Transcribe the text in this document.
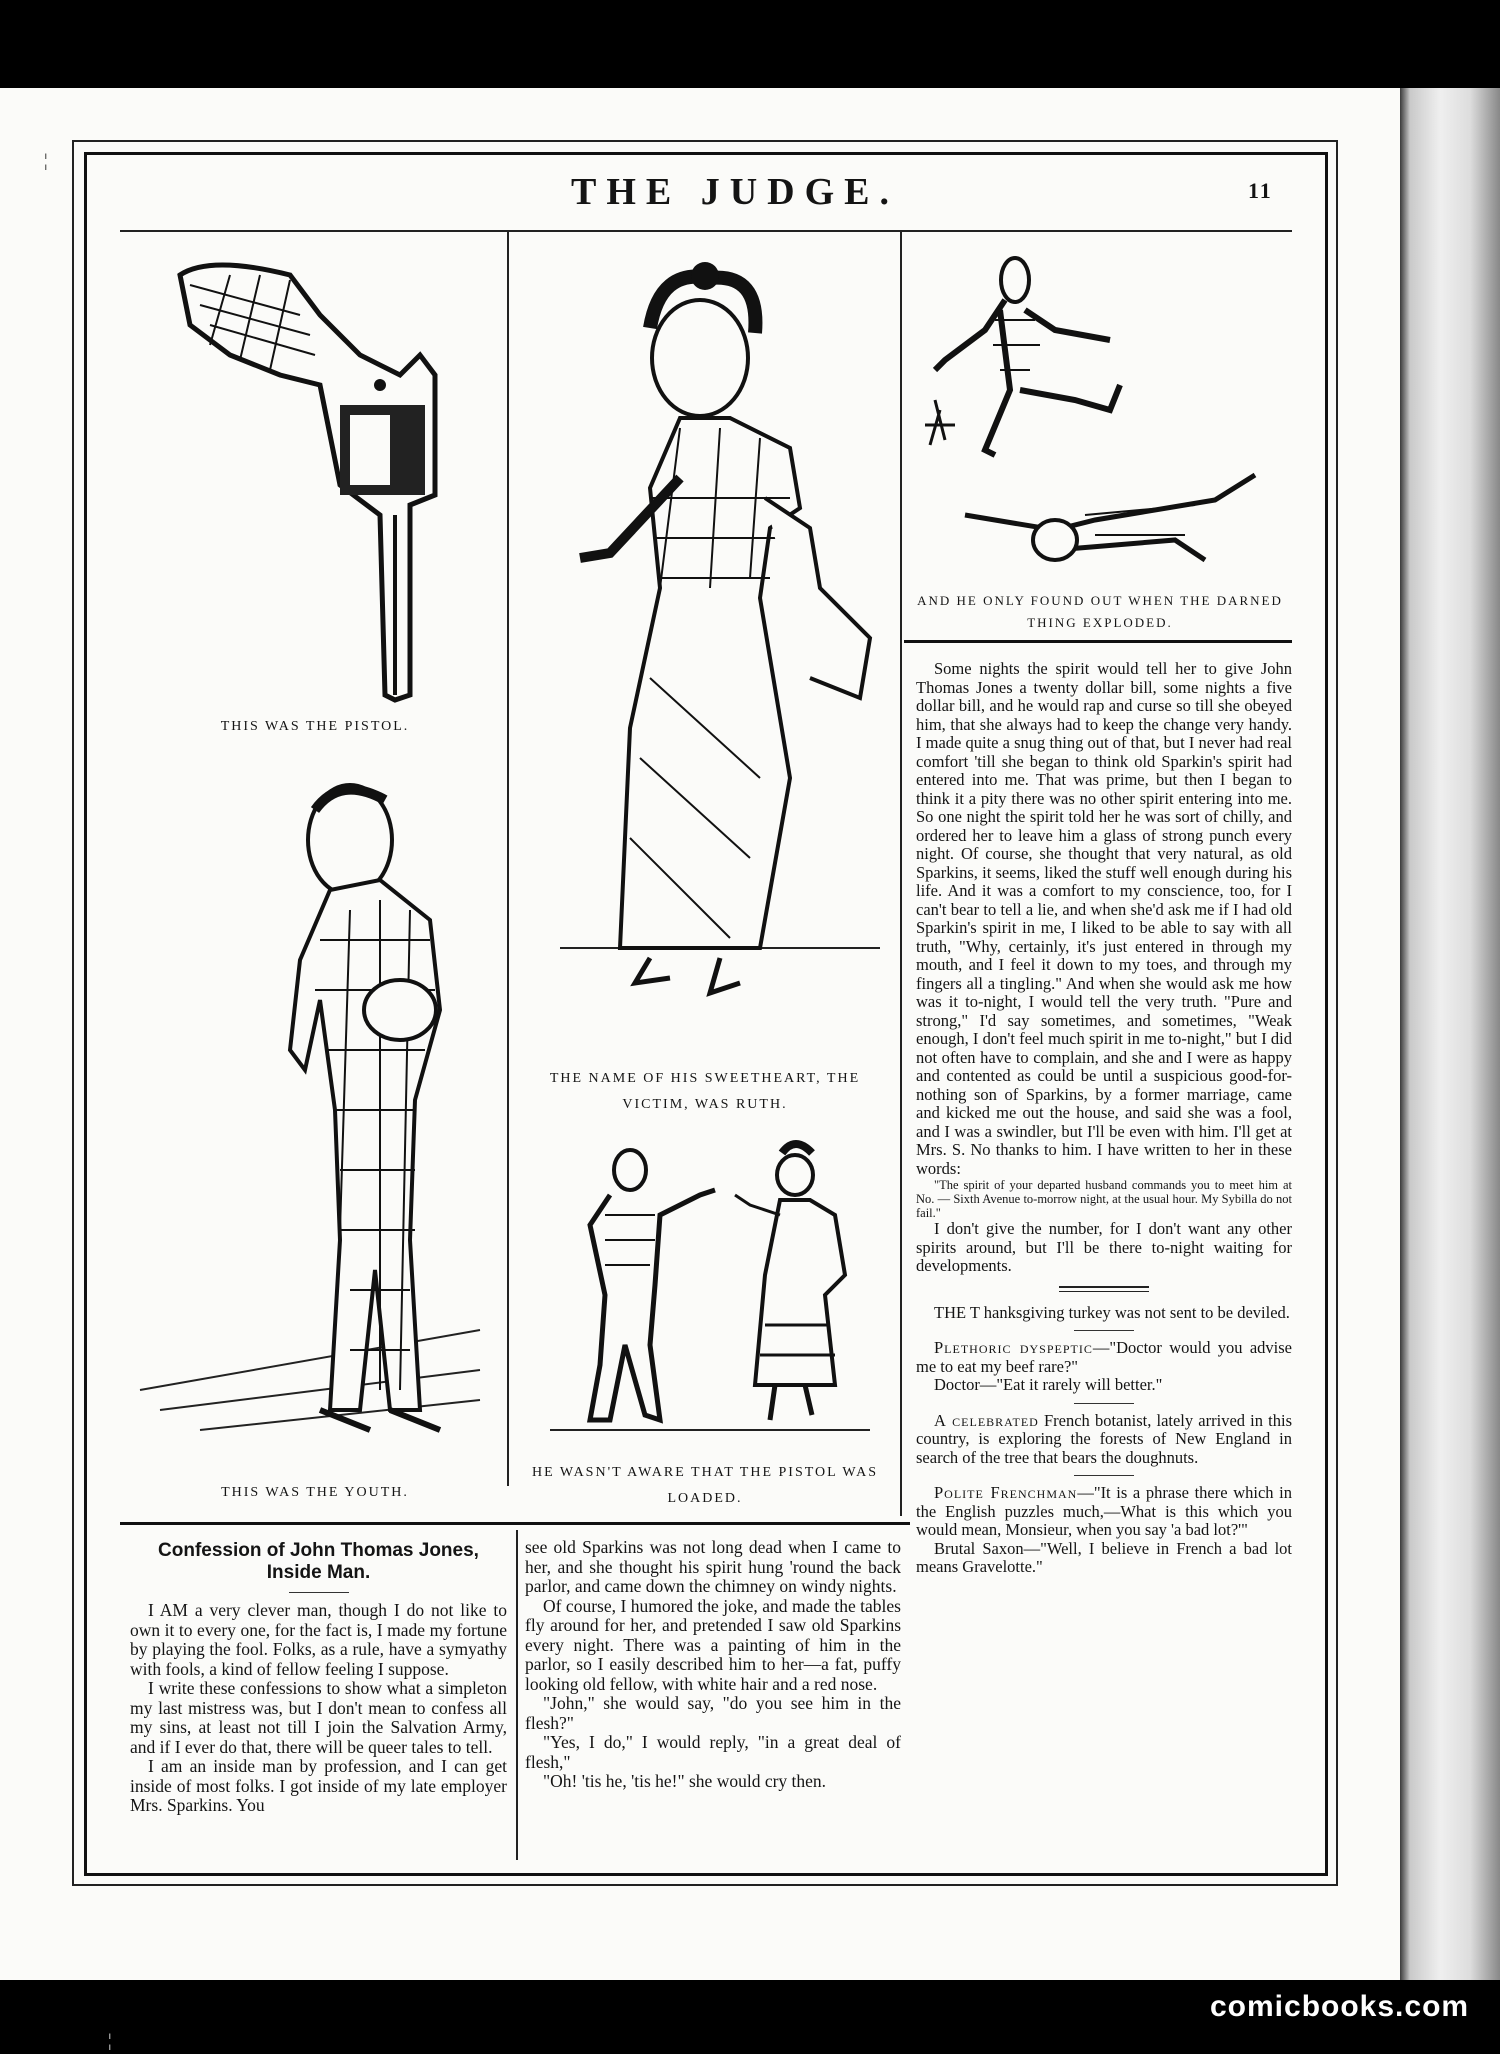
¦
¦
THE JUDGE.	11
THIS WAS THE PISTOL.
THIS WAS THE YOUTH.
THE NAME OF HIS SWEETHEART, THE VICTIM, WAS RUTH.
HE WASN'T AWARE THAT THE PISTOL WAS LOADED.
AND HE ONLY FOUND OUT WHEN THE DARNED THING EXPLODED.
Confession of John Thomas Jones, Inside Man.

I AM a very clever man, though I do not like to own it to every one, for the fact is, I made my fortune by playing the fool. Folks, as a rule, have a symyathy with fools, a kind of fellow feeling I suppose.

I write these confessions to show what a simpleton my last mistress was, but I don't mean to confess all my sins, at least not till I join the Salvation Army, and if I ever do that, there will be queer tales to tell.

I am an inside man by profession, and I can get inside of most folks. I got inside of my late employer Mrs. Sparkins. You

see old Sparkins was not long dead when I came to her, and she thought his spirit hung 'round the back parlor, and came down the chimney on windy nights.

Of course, I humored the joke, and made the tables fly around for her, and pretended I saw old Sparkins every night. There was a painting of him in the parlor, so I easily described him to her—a fat, puffy looking old fellow, with white hair and a red nose.

"John," she would say, "do you see him in the flesh?"

"Yes, I do," I would reply, "in a great deal of flesh,"

"Oh! 'tis he, 'tis he!" she would cry then.

Some nights the spirit would tell her to give John Thomas Jones a twenty dollar bill, some nights a five dollar bill, and he would rap and curse so till she obeyed him, that she always had to keep the change very handy. I made quite a snug thing out of that, but I never had real comfort 'till she began to think old Sparkin's spirit had entered into me. That was prime, but then I began to think it a pity there was no other spirit entering into me. So one night the spirit told her he was sort of chilly, and ordered her to leave him a glass of strong punch every night. Of course, she thought that very natural, as old Sparkins, it seems, liked the stuff well enough during his life. And it was a comfort to my conscience, too, for I can't bear to tell a lie, and when she'd ask me if I had old Sparkin's spirit in me, I liked to be able to say with all truth, "Why, certainly, it's just entered in through my mouth, and I feel it down to my toes, and through my fingers all a tingling." And when she would ask me how was it to-night, I would tell the very truth. "Pure and strong," I'd say sometimes, and sometimes, "Weak enough, I don't feel much spirit in me to-night," but I did not often have to complain, and she and I were as happy and contented as could be until a suspicious good-for-nothing son of Sparkins, by a former marriage, came and kicked me out the house, and said she was a fool, and I was a swindler, but I'll be even with him. I'll get at Mrs. S. No thanks to him. I have written to her in these words:

"The spirit of your departed husband commands you to meet him at No. — Sixth Avenue to-morrow night, at the usual hour. My Sybilla do not fail."

I don't give the number, for I don't want any other spirits around, but I'll be there to-night waiting for developments.

THE T hanksgiving turkey was not sent to be deviled.

Plethoric dyspeptic—"Doctor would you advise me to eat my beef rare?"

Doctor—"Eat it rarely will better."

A celebrated French botanist, lately arrived in this country, is exploring the forests of New England in search of the tree that bears the doughnuts.

Polite Frenchman—"It is a phrase there which in the English puzzles much,—What is this which you would mean, Monsieur, when you say 'a bad lot?'"

Brutal Saxon—"Well, I believe in French a bad lot means Gravelotte."

comicbooks.com
